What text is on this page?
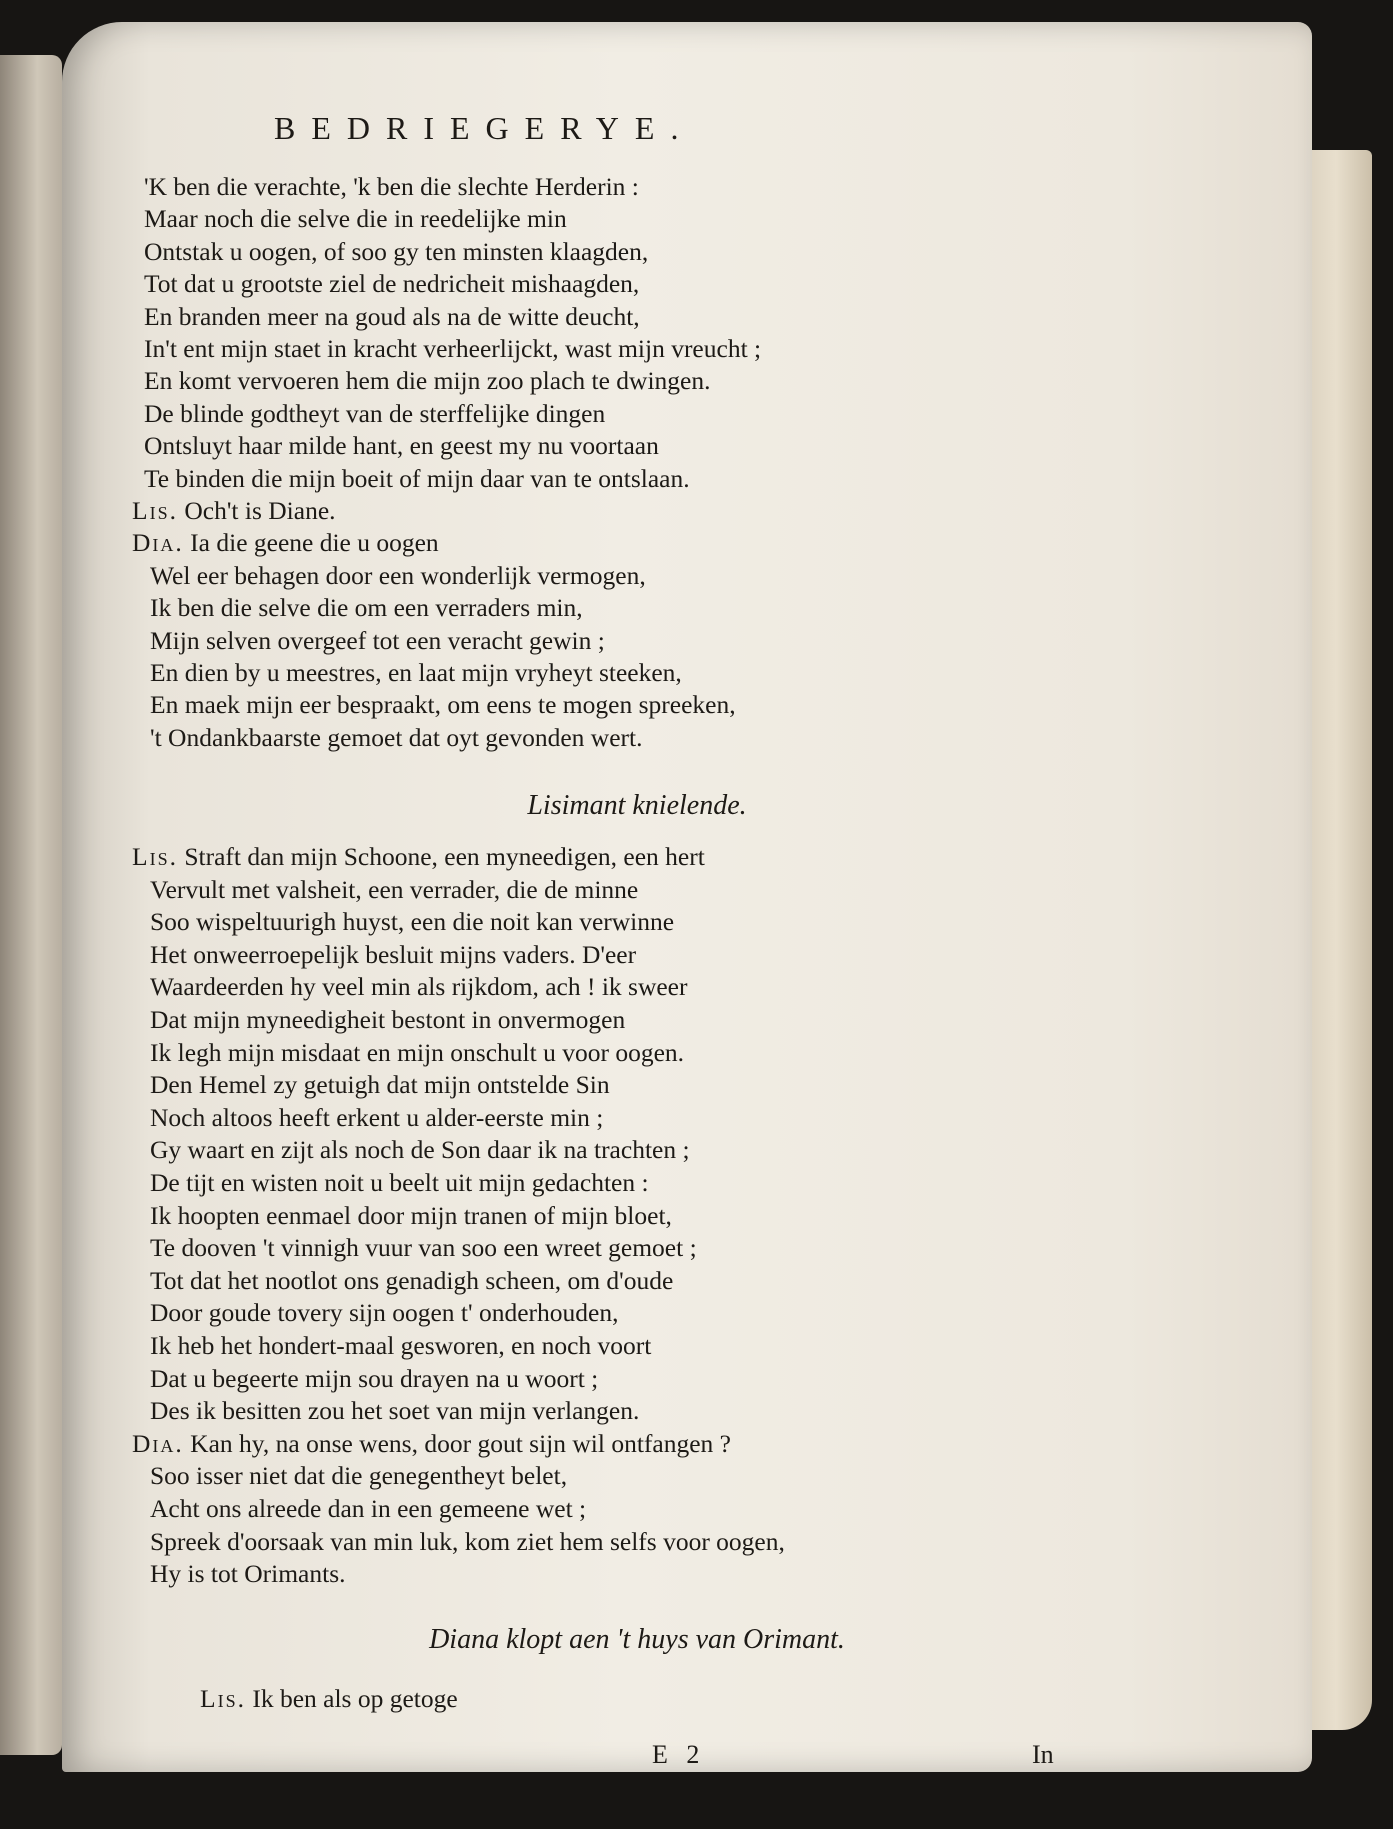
BEDRIEGERYE.
'K ben die verachte, 'k ben die slechte Herderin :
Maar noch die selve die in reedelijke min
Ontstak u oogen, of soo gy ten minsten klaagden,
Tot dat u grootste ziel de nedricheit mishaagden,
En branden meer na goud als na de witte deucht,
In't ent mijn staet in kracht verheerlijckt, wast mijn vreucht ;
En komt vervoeren hem die mijn zoo plach te dwingen.
De blinde godtheyt van de sterffelijke dingen
Ontsluyt haar milde hant, en geest my nu voortaan
Te binden die mijn boeit of mijn daar van te ontslaan.
Lis. Och't is Diane.
Dia. Ia die geene die u oogen
Wel eer behagen door een wonderlijk vermogen,
Ik ben die selve die om een verraders min,
Mijn selven overgeef tot een veracht gewin ;
En dien by u meestres, en laat mijn vryheyt steeken,
En maek mijn eer bespraakt, om eens te mogen spreeken,
't Ondankbaarste gemoet dat oyt gevonden wert.
Lisimant knielende.
Lis. Straft dan mijn Schoone, een myneedigen, een hert
Vervult met valsheit, een verrader, die de minne
Soo wispeltuurigh huyst, een die noit kan verwinne
Het onweerroepelijk besluit mijns vaders. D'eer
Waardeerden hy veel min als rijkdom, ach ! ik sweer
Dat mijn myneedigheit bestont in onvermogen
Ik legh mijn misdaat en mijn onschult u voor oogen.
Den Hemel zy getuigh dat mijn ontstelde Sin
Noch altoos heeft erkent u alder-eerste min ;
Gy waart en zijt als noch de Son daar ik na trachten ;
De tijt en wisten noit u beelt uit mijn gedachten :
Ik hoopten eenmael door mijn tranen of mijn bloet,
Te dooven 't vinnigh vuur van soo een wreet gemoet ;
Tot dat het nootlot ons genadigh scheen, om d'oude
Door goude tovery sijn oogen t' onderhouden,
Ik heb het hondert-maal gesworen, en noch voort
Dat u begeerte mijn sou drayen na u woort ;
Des ik besitten zou het soet van mijn verlangen.
Dia. Kan hy, na onse wens, door gout sijn wil ontfangen ?
Soo isser niet dat die genegentheyt belet,
Acht ons alreede dan in een gemeene wet ;
Spreek d'oorsaak van min luk, kom ziet hem selfs voor oogen,
Hy is tot Orimants.
Diana klopt aen 't huys van Orimant.
Lis. Ik ben als op getoge
E 2	In
